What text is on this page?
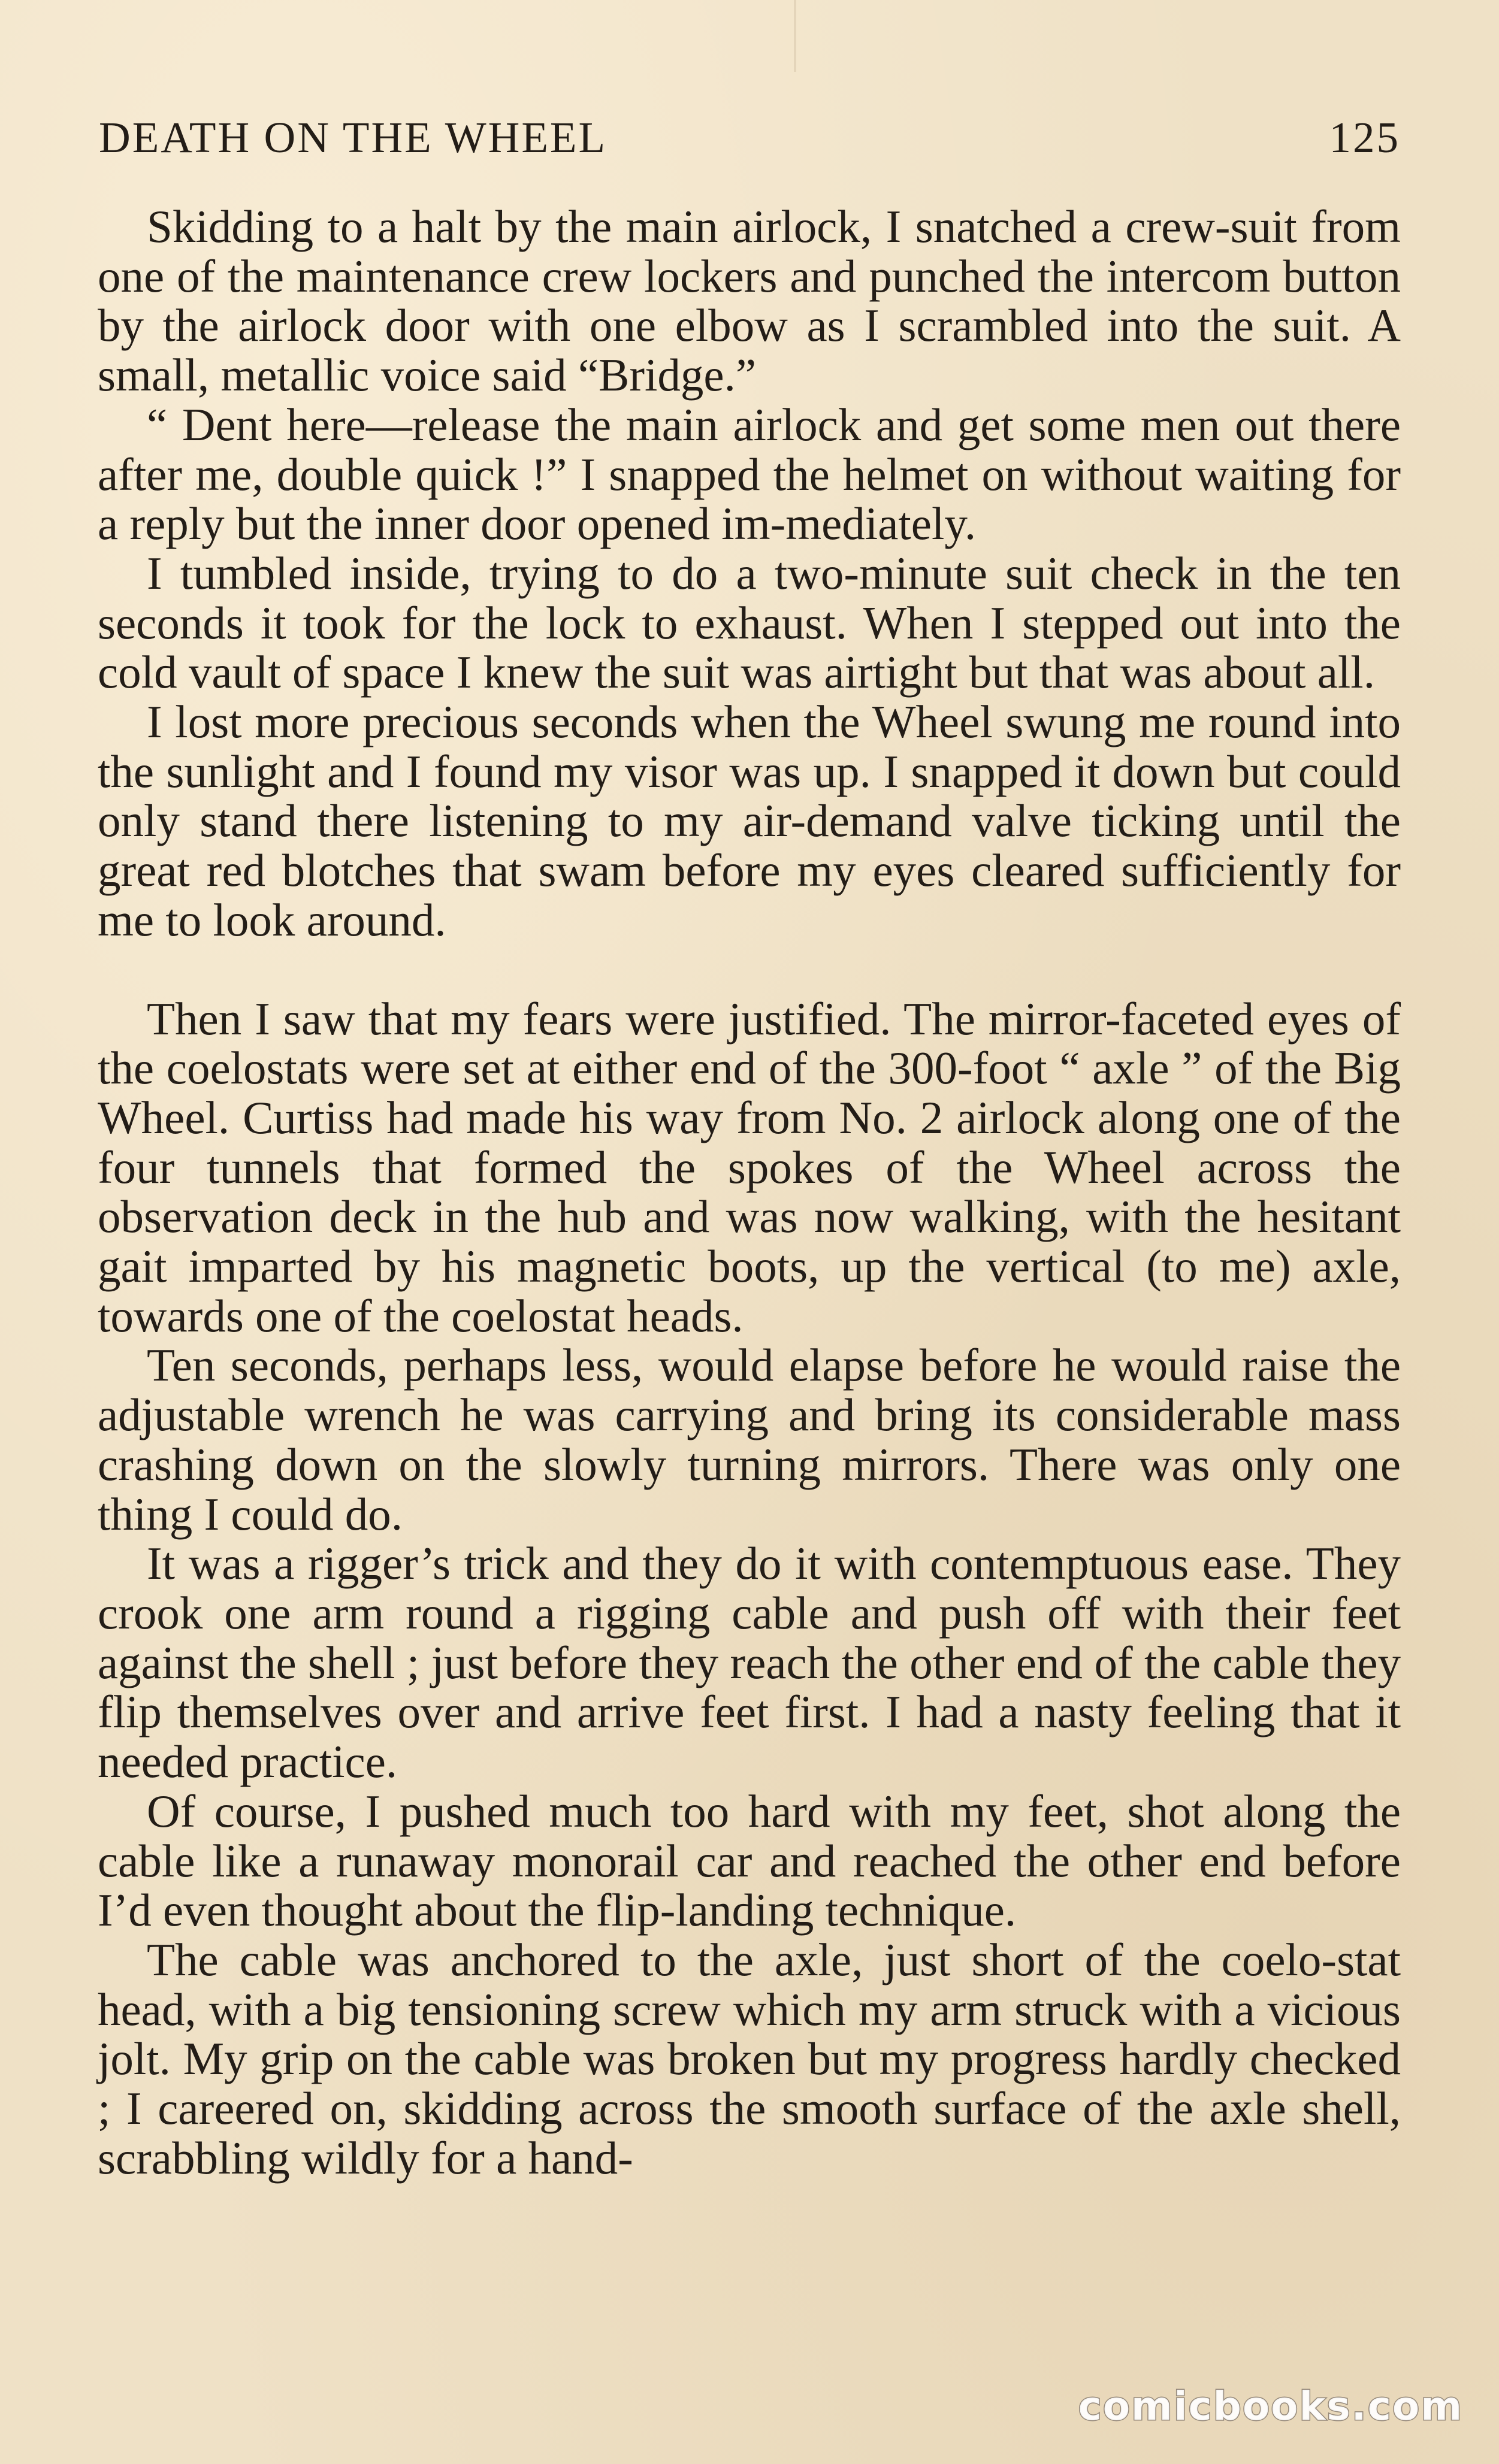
DEATH ON THE WHEEL	125

Skidding to a halt by the main airlock, I snatched a crew-suit from one of the maintenance crew lockers and punched the intercom button by the airlock door with one elbow as I scrambled into the suit. A small, metallic voice said “Bridge.”

“ Dent here—release the main airlock and get some men out there after me, double quick !” I snapped the helmet on without waiting for a reply but the inner door opened im-mediately.

I tumbled inside, trying to do a two-minute suit check in the ten seconds it took for the lock to exhaust. When I stepped out into the cold vault of space I knew the suit was airtight but that was about all.

I lost more precious seconds when the Wheel swung me round into the sunlight and I found my visor was up. I snapped it down but could only stand there listening to my air-demand valve ticking until the great red blotches that swam before my eyes cleared sufficiently for me to look around.

Then I saw that my fears were justified. The mirror-faceted eyes of the coelostats were set at either end of the 300-foot “ axle ” of the Big Wheel. Curtiss had made his way from No. 2 airlock along one of the four tunnels that formed the spokes of the Wheel across the observation deck in the hub and was now walking, with the hesitant gait imparted by his magnetic boots, up the vertical (to me) axle, towards one of the coelostat heads.

Ten seconds, perhaps less, would elapse before he would raise the adjustable wrench he was carrying and bring its considerable mass crashing down on the slowly turning mirrors. There was only one thing I could do.

It was a rigger’s trick and they do it with contemptuous ease. They crook one arm round a rigging cable and push off with their feet against the shell ; just before they reach the other end of the cable they flip themselves over and arrive feet first. I had a nasty feeling that it needed practice.

Of course, I pushed much too hard with my feet, shot along the cable like a runaway monorail car and reached the other end before I’d even thought about the flip-landing technique.

The cable was anchored to the axle, just short of the coelo-stat head, with a big tensioning screw which my arm struck with a vicious jolt. My grip on the cable was broken but my progress hardly checked ; I careered on, skidding across the smooth surface of the axle shell, scrabbling wildly for a hand-

comicbooks.com
